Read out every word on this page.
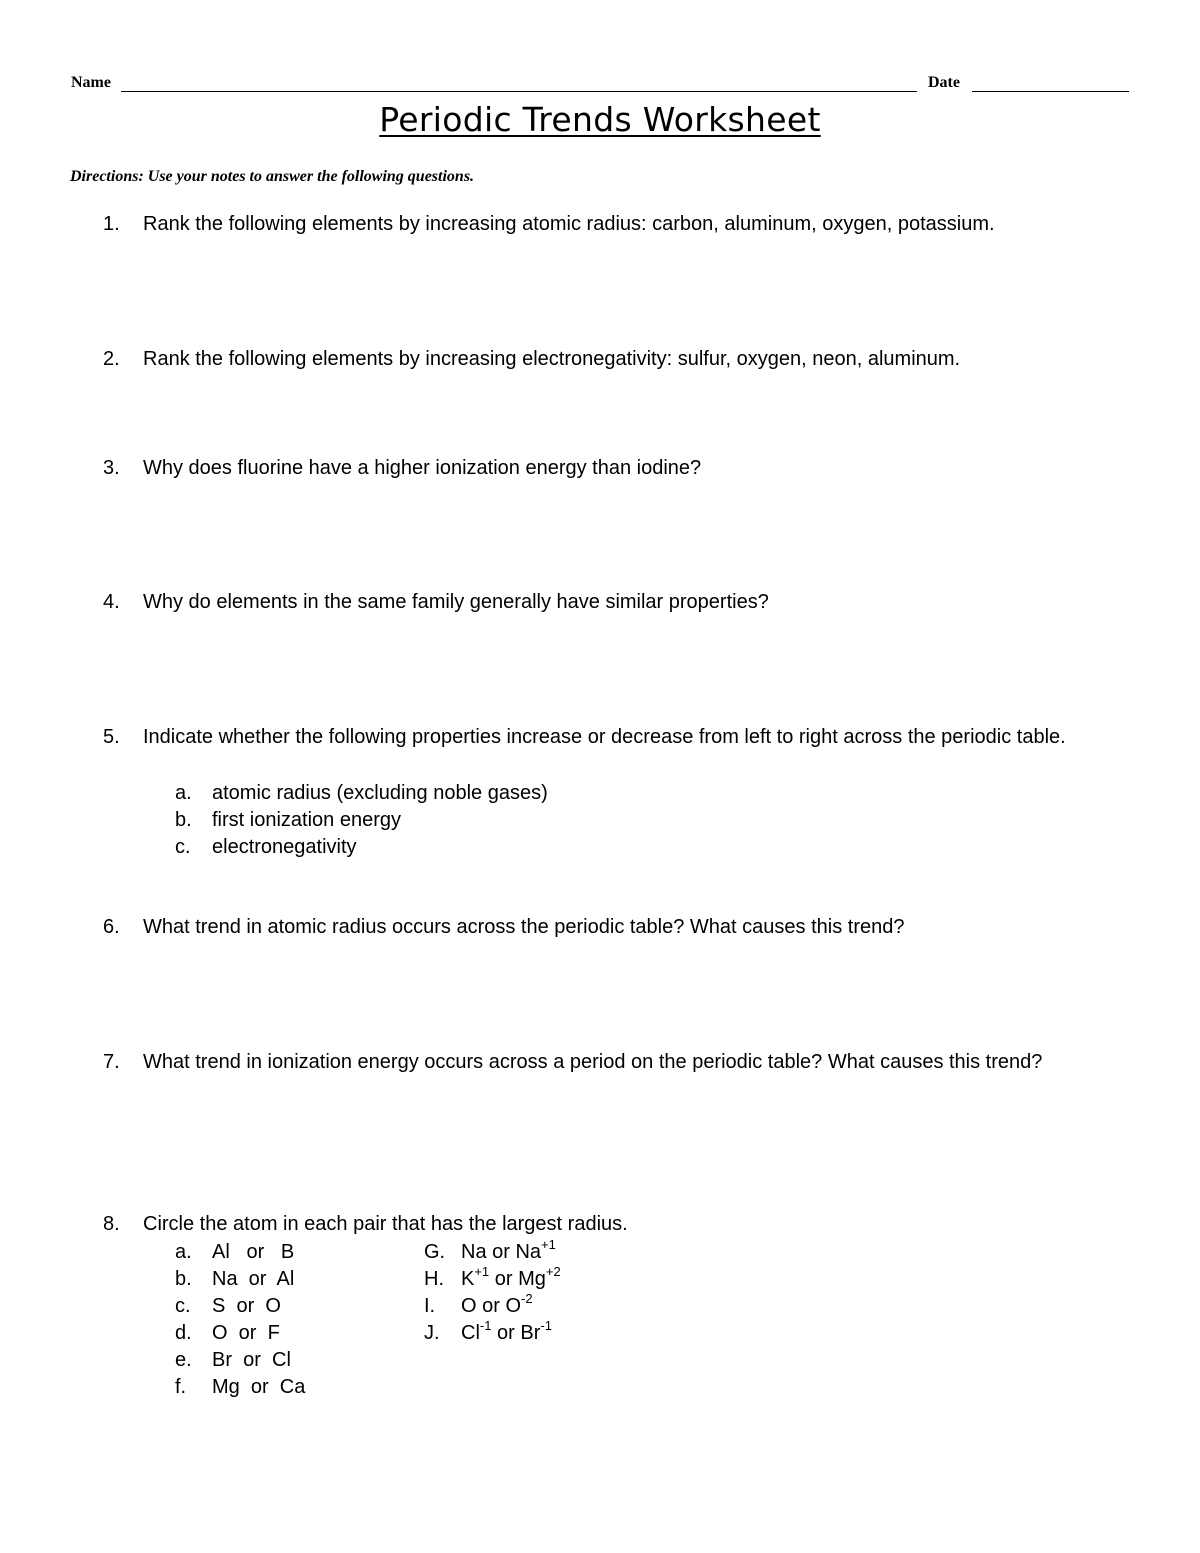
Name	Date
Periodic Trends Worksheet
Directions: Use your notes to answer the following questions.
1. Rank the following elements by increasing atomic radius: carbon, aluminum, oxygen, potassium.
2. Rank the following elements by increasing electronegativity: sulfur, oxygen, neon, aluminum.
3. Why does fluorine have a higher ionization energy than iodine?
4. Why do elements in the same family generally have similar properties?
5. Indicate whether the following properties increase or decrease from left to right across the periodic table.
a. atomic radius (excluding noble gases)
b. first ionization energy
c. electronegativity
6. What trend in atomic radius occurs across the periodic table? What causes this trend?
7. What trend in ionization energy occurs across a period on the periodic table? What causes this trend?
8. Circle the atom in each pair that has the largest radius.
a. Al   or   B	G. Na or $Na^{+1}$
b. Na  or  Al	H. $K^{+1}$ or $Mg^{+2}$
c. S  or  O	I. O or $O^{-2}$
d. O  or  F	J. $Cl^{-1}$ or $Br^{-1}$
e. Br  or  Cl
f. Mg  or  Ca
